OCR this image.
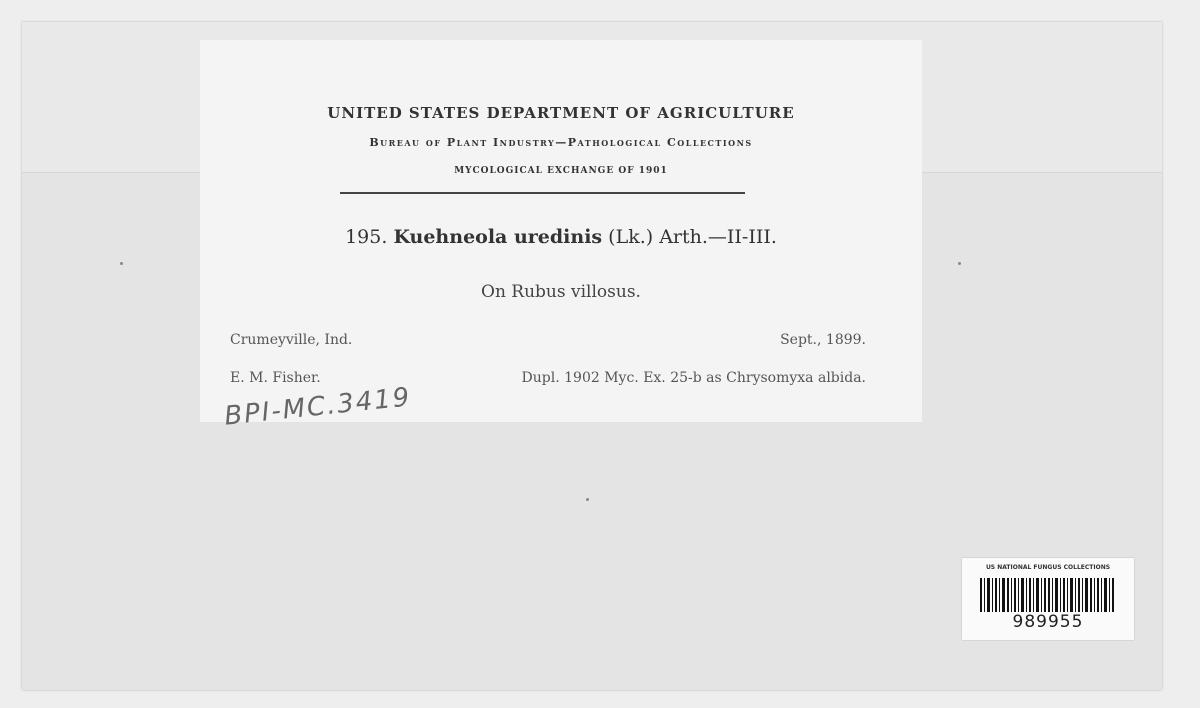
UNITED STATES DEPARTMENT OF AGRICULTURE
Bureau of Plant Industry—Pathological Collections
MYCOLOGICAL EXCHANGE OF 1901
195. Kuehneola uredinis (Lk.) Arth.—II-III.
On Rubus villosus.
Crumeyville, Ind.	Sept., 1899.
E. M. Fisher.	Dupl. 1902 Myc. Ex. 25-b as Chrysomyxa albida.
BPI-MC.3419
US NATIONAL FUNGUS COLLECTIONS
989955
